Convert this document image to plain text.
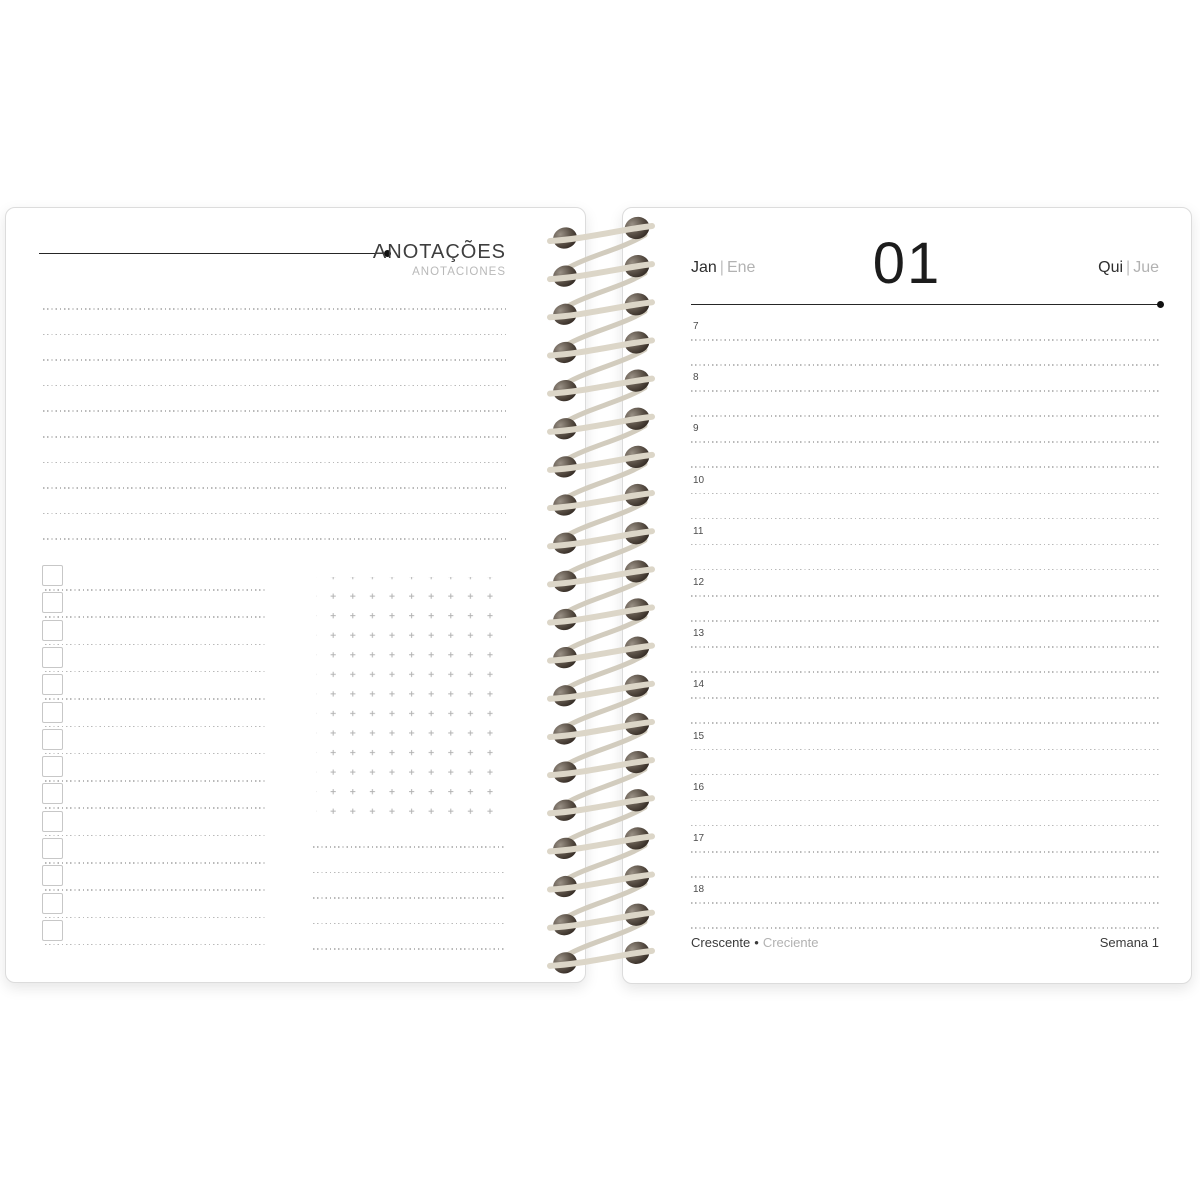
ANOTAÇÕES
ANOTACIONES	Jan | Ene	01	Qui | Jue
7
8
9
10
11
12
13
14
15
16
17
18
Crescente • Creciente	Semana 1
